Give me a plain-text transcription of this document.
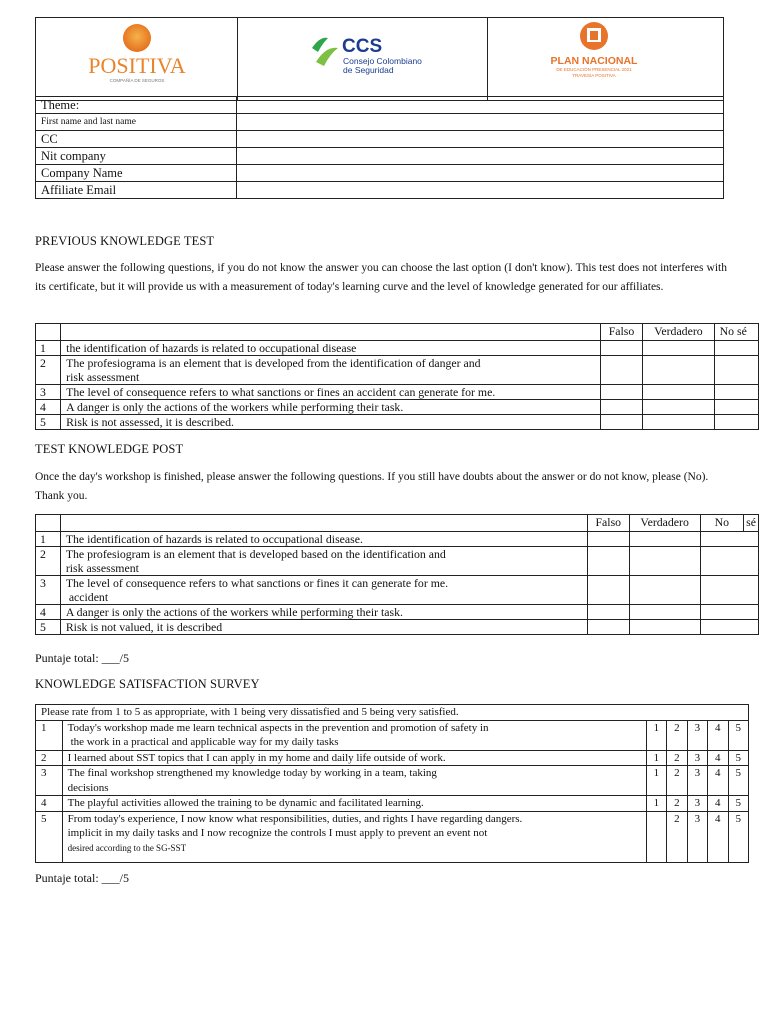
POSITIVA
COMPAÑÍA DE SEGUROS

CCS
Consejo Colombiano
de Seguridad

PLAN NACIONAL
DE EDUCACIÓN PRESENCIAL 2021
TRAVESÍA POSITIVA
Theme:	
First name and last name	
CC	
Nit company	
Company Name	
Affiliate Email	
PREVIOUS KNOWLEDGE TEST
Please answer the following questions, if you do not know the answer you can choose the last option (I don't know). This test does not interferes with its certificate, but it will provide us with a measurement of today's learning curve and the level of knowledge generated for our affiliates.
		Falso	Verdadero	No sé
1	the identification of hazards is related to occupational disease			
2	The profesiograma is an element that is developed from the identification of danger and
risk assessment			

3	The level of consequence refers to what sanctions or fines an accident can generate for me.			
4	A danger is only the actions of the workers while performing their task.			
5	Risk is not assessed, it is described.			
TEST KNOWLEDGE POST
Once the day's workshop is finished, please answer the following questions. If you still have doubts about the answer or do not know, please (No). Thank you.
		Falso	Verdadero	No	sé
1	The identification of hazards is related to occupational disease.				
2	The profesiogram is an element that is developed based on the identification and
risk assessment				

3	The level of consequence refers to what sanctions or fines it can generate for me.
accident				

4	A danger is only the actions of the workers while performing their task.				
5	Risk is not valued, it is described				
Puntaje total: ___/5
KNOWLEDGE SATISFACTION SURVEY
Please rate from 1 to 5 as appropriate, with 1 being very dissatisfied and 5 being very satisfied.						
1	Today's workshop made me learn technical aspects in the prevention and promotion of safety in
the work in a practical and applicable way for my daily tasks	1	2	3	4	5
2	I learned about SST topics that I can apply in my home and daily life outside of work.	1	2	3	4	5
3	The final workshop strengthened my knowledge today by working in a team, taking
decisions	1	2	3	4	5
4	The playful activities allowed the training to be dynamic and facilitated learning.	1	2	3	4	5
5	From today's experience, I now know what responsibilities, duties, and rights I have regarding dangers.
implicit in my daily tasks and I now recognize the controls I must apply to prevent an event not
desired according to the SG-SST		2	3	4	5
Puntaje total: ___/5
